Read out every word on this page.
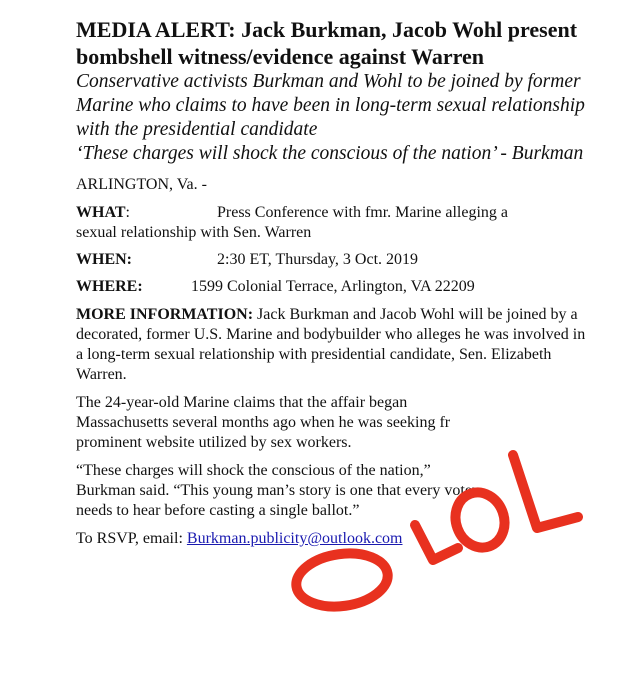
MEDIA ALERT: Jack Burkman, Jacob Wohl present bombshell witness/evidence against Warren

Conservative activists Burkman and Wohl to be joined by former Marine who claims to have been in long-term sexual relationship with the presidential candidate

‘These charges will shock the conscious of the nation’ - Burkman

ARLINGTON, Va. -

WHAT:	Press Conference with fmr. Marine alleging a

sexual relationship with Sen. Warren

WHEN:	2:30 ET, Thursday, 3 Oct. 2019
WHERE:	1599 Colonial Terrace, Arlington, VA 22209

MORE INFORMATION: Jack Burkman and Jacob Wohl will be joined by a decorated, former U.S. Marine and bodybuilder who alleges he was involved in a long-term sexual relationship with presidential candidate, Sen. Elizabeth Warren.

The 24-year-old Marine claims that the affair began

Massachusetts several months ago when he was seeking fr

prominent website utilized by sex workers.

“These charges will shock the conscious of the nation,”

Burkman said. “This young man’s story is one that every voter

needs to hear before casting a single ballot.”

To RSVP, email: Burkman.publicity@outlook.com
